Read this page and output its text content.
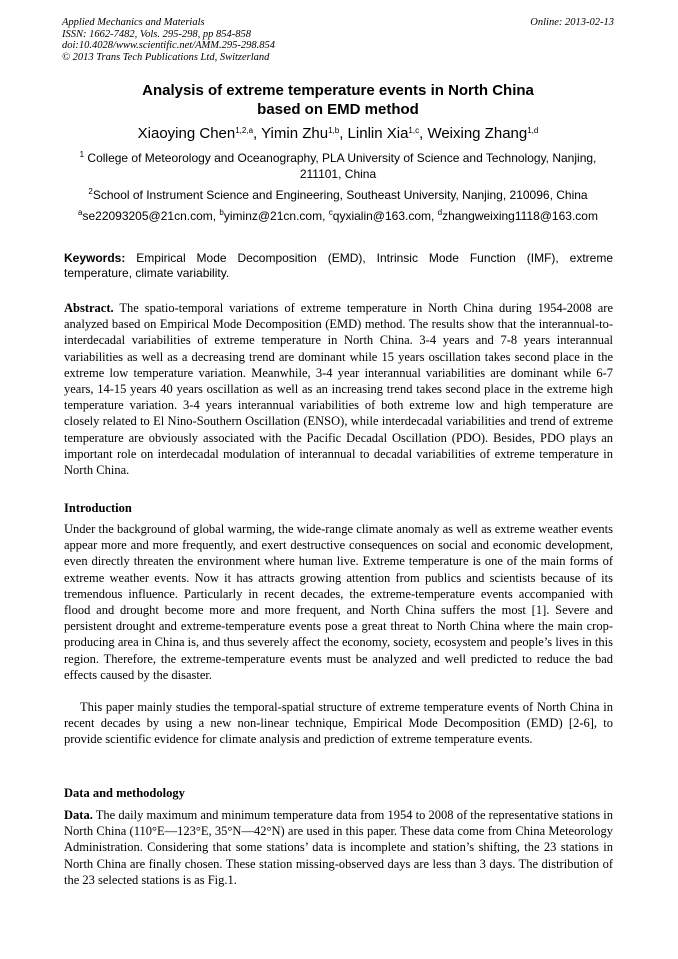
Applied Mechanics and Materials
ISSN: 1662-7482, Vols. 295-298, pp 854-858
doi:10.4028/www.scientific.net/AMM.295-298.854
© 2013 Trans Tech Publications Ltd, Switzerland
Online: 2013-02-13
Analysis of extreme temperature events in North China
based on EMD method
Xiaoying Chen$^{1,2,a}$, Yimin Zhu$^{1,b}$, Linlin Xia$^{1,c}$, Weixing Zhang$^{1,d}$
$^1$ College of Meteorology and Oceanography, PLA University of Science and Technology, Nanjing, 211101, China
$^2$School of Instrument Science and Engineering, Southeast University, Nanjing, 210096, China
$^a$se22093205@21cn.com, $^b$yiminz@21cn.com, $^c$qyxialin@163.com, $^d$zhangweixing1118@163.com
Keywords: Empirical Mode Decomposition (EMD), Intrinsic Mode Function (IMF), extreme temperature, climate variability.
Abstract. The spatio-temporal variations of extreme temperature in North China during 1954-2008 are analyzed based on Empirical Mode Decomposition (EMD) method. The results show that the interannual-to-interdecadal variabilities of extreme temperature in North China. 3-4 years and 7-8 years interannual variabilities as well as a decreasing trend are dominant while 15 years oscillation takes second place in the extreme low temperature variation. Meanwhile, 3-4 year interannual variabilities are dominant while 6-7 years, 14-15 years 40 years oscillation as well as an increasing trend takes second place in the extreme high temperature variation. 3-4 years interannual variabilities of both extreme low and high temperature are closely related to El Nino-Southern Oscillation (ENSO), while interdecadal variabilities and trend of extreme temperature are obviously associated with the Pacific Decadal Oscillation (PDO). Besides, PDO plays an important role on interdecadal modulation of interannual to decadal variabilities of extreme temperature in North China.
Introduction
Under the background of global warming, the wide-range climate anomaly as well as extreme weather events appear more and more frequently, and exert destructive consequences on social and economic development, even directly threaten the environment where human live. Extreme temperature is one of the main forms of extreme weather events. Now it has attracts growing attention from publics and scientists because of its tremendous influence. Particularly in recent decades, the extreme-temperature events accompanied with flood and drought become more and more frequent, and North China suffers the most [1]. Severe and persistent drought and extreme-temperature events pose a great threat to North China where the main crop-producing area in China is, and thus severely affect the economy, society, ecosystem and people’s lives in this region. Therefore, the extreme-temperature events must be analyzed and well predicted to reduce the bad effects caused by the disaster.
This paper mainly studies the temporal-spatial structure of extreme temperature events of North China in recent decades by using a new non-linear technique, Empirical Mode Decomposition (EMD) [2-6], to provide scientific evidence for climate analysis and prediction of extreme temperature events.
Data and methodology
Data. The daily maximum and minimum temperature data from 1954 to 2008 of the representative stations in North China (110°E—123°E, 35°N—42°N) are used in this paper. These data come from China Meteorology Administration. Considering that some stations’ data is incomplete and station’s shifting, the 23 stations in North China are finally chosen. These station missing-observed days are less than 3 days. The distribution of the 23 selected stations is as Fig.1.
